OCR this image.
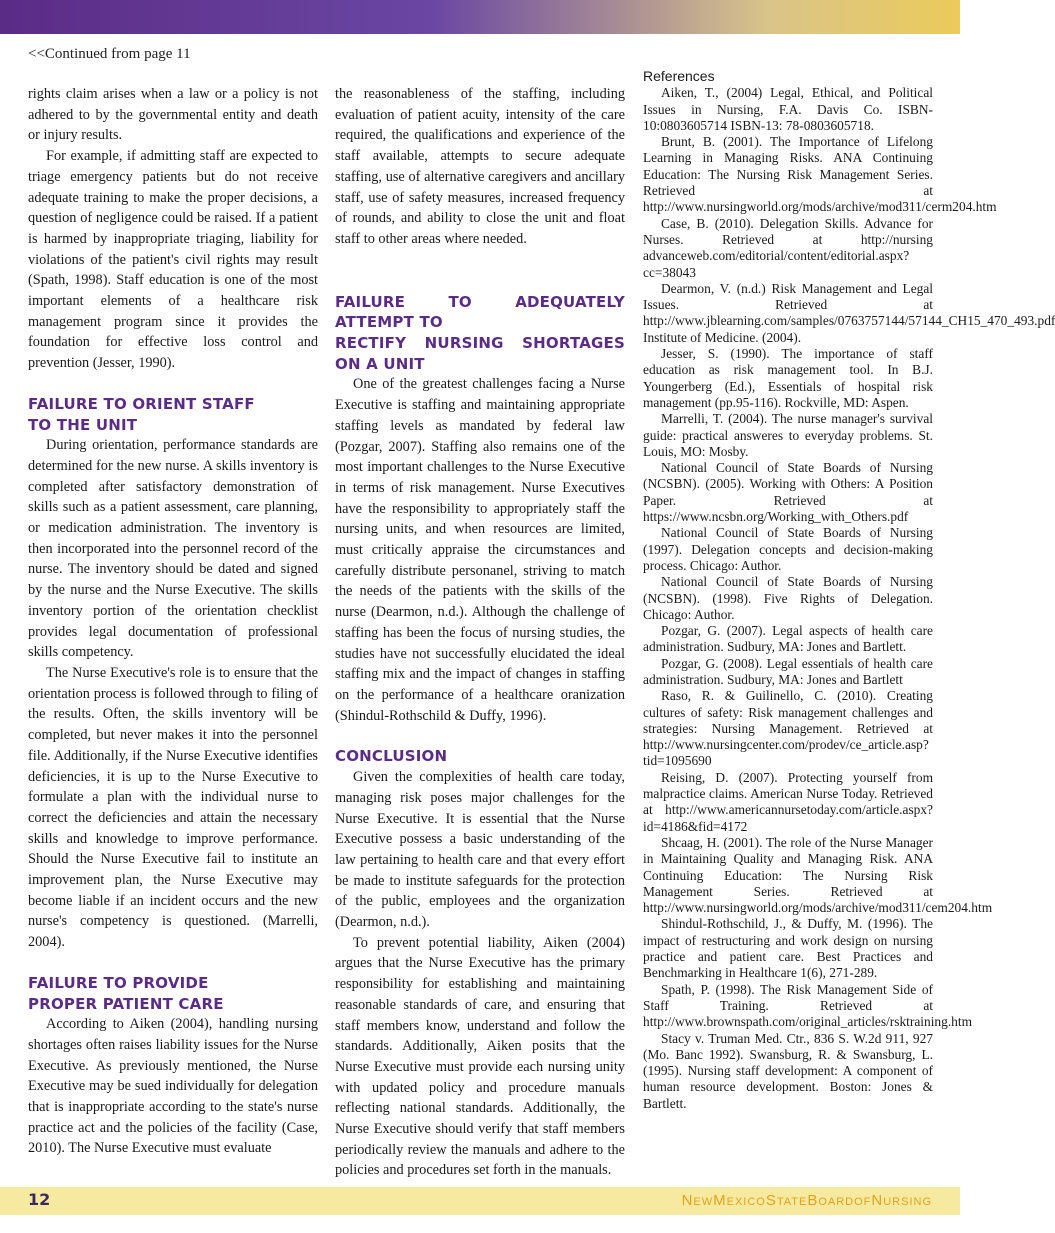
<<Continued from page 11

rights claim arises when a law or a policy is not adhered to by the governmental entity and death or injury results.

For example, if admitting staff are expected to triage emergency patients but do not receive adequate training to make the proper decisions, a question of negligence could be raised. If a patient is harmed by inappropriate triaging, liability for violations of the patient's civil rights may result (Spath, 1998). Staff education is one of the most important elements of a healthcare risk management program since it provides the foundation for effective loss control and prevention (Jesser, 1990).

FAILURE TO ORIENT STAFF
TO THE UNIT

During orientation, performance standards are determined for the new nurse. A skills inventory is completed after satisfactory demonstration of skills such as a patient assessment, care planning, or medication administration. The inventory is then incorporated into the personnel record of the nurse. The inventory should be dated and signed by the nurse and the Nurse Executive. The skills inventory portion of the orientation checklist provides legal documentation of professional skills competency.

The Nurse Executive's role is to ensure that the orientation process is followed through to filing of the results. Often, the skills inventory will be completed, but never makes it into the personnel file. Additionally, if the Nurse Executive identifies deficiencies, it is up to the Nurse Executive to formulate a plan with the individual nurse to correct the deficiencies and attain the necessary skills and knowledge to improve performance. Should the Nurse Executive fail to institute an improvement plan, the Nurse Executive may become liable if an incident occurs and the new nurse's competency is questioned. (Marrelli, 2004).

FAILURE TO PROVIDE
PROPER PATIENT CARE

According to Aiken (2004), handling nursing shortages often raises liability issues for the Nurse Executive. As previously mentioned, the Nurse Executive may be sued individually for delegation that is inappropriate according to the state's nurse practice act and the policies of the facility (Case, 2010). The Nurse Executive must evaluate

the reasonableness of the staffing, including evaluation of patient acuity, intensity of the care required, the qualifications and experience of the staff available, attempts to secure adequate staffing, use of alternative caregivers and ancillary staff, use of safety measures, increased frequency of rounds, and ability to close the unit and float staff to other areas where needed.

FAILURE TO ADEQUATELY ATTEMPT TO
RECTIFY NURSING SHORTAGES ON A UNIT

One of the greatest challenges facing a Nurse Executive is staffing and maintaining appropriate staffing levels as mandated by federal law (Pozgar, 2007). Staffing also remains one of the most important challenges to the Nurse Executive in terms of risk management. Nurse Executives have the responsibility to appropriately staff the nursing units, and when resources are limited, must critically appraise the circumstances and carefully distribute personanel, striving to match the needs of the patients with the skills of the nurse (Dearmon, n.d.). Although the challenge of staffing has been the focus of nursing studies, the studies have not successfully elucidated the ideal staffing mix and the impact of changes in staffing on the performance of a healthcare oranization (Shindul-Rothschild & Duffy, 1996).

CONCLUSION

Given the complexities of health care today, managing risk poses major challenges for the Nurse Executive. It is essential that the Nurse Executive possess a basic understanding of the law pertaining to health care and that every effort be made to institute safeguards for the protection of the public, employees and the organization (Dearmon, n.d.).

To prevent potential liability, Aiken (2004) argues that the Nurse Executive has the primary responsibility for establishing and maintaining reasonable standards of care, and ensuring that staff members know, understand and follow the standards. Additionally, Aiken posits that the Nurse Executive must provide each nursing unity with updated policy and procedure manuals reflecting national standards. Additionally, the Nurse Executive should verify that staff members periodically review the manuals and adhere to the policies and procedures set forth in the manuals.

References

Aiken, T., (2004) Legal, Ethical, and Political Issues in Nursing, F.A. Davis Co. ISBN-10:0803605714 ISBN-13: 78-0803605718.

Brunt, B. (2001). The Importance of Lifelong Learning in Managing Risks. ANA Continuing Education: The Nursing Risk Management Series. Retrieved at http://www.nursingworld.org/mods/archive/mod311/cerm204.htm

Case, B. (2010). Delegation Skills. Advance for Nurses. Retrieved at http://nursing advanceweb.com/editorial/content/editorial.aspx?cc=38043

Dearmon, V. (n.d.) Risk Management and Legal Issues. Retrieved at http://www.jblearning.com/samples/0763757144/57144_CH15_470_493.pdf Institute of Medicine. (2004).

Jesser, S. (1990). The importance of staff education as risk management tool. In B.J. Youngerberg (Ed.), Essentials of hospital risk management (pp.95-116). Rockville, MD: Aspen.

Marrelli, T. (2004). The nurse manager's survival guide: practical answeres to everyday problems. St. Louis, MO: Mosby.

National Council of State Boards of Nursing (NCSBN). (2005). Working with Others: A Position Paper. Retrieved at https://www.ncsbn.org/Working_with_Others.pdf

National Council of State Boards of Nursing (1997). Delegation concepts and decision-making process. Chicago: Author.

National Council of State Boards of Nursing (NCSBN). (1998). Five Rights of Delegation. Chicago: Author.

Pozgar, G. (2007). Legal aspects of health care administration. Sudbury, MA: Jones and Bartlett.

Pozgar, G. (2008). Legal essentials of health care administration. Sudbury, MA: Jones and Bartlett

Raso, R. & Guilinello, C. (2010). Creating cultures of safety: Risk management challenges and strategies: Nursing Management. Retrieved at http://www.nursingcenter.com/prodev/ce_article.asp?tid=1095690

Reising, D. (2007). Protecting yourself from malpractice claims. American Nurse Today. Retrieved at http://www.americannursetoday.com/article.aspx?id=4186&fid=4172

Shcaag, H. (2001). The role of the Nurse Manager in Maintaining Quality and Managing Risk. ANA Continuing Education: The Nursing Risk Management Series. Retrieved at http://www.nursingworld.org/mods/archive/mod311/cem204.htm

Shindul-Rothschild, J., & Duffy, M. (1996). The impact of restructuring and work design on nursing practice and patient care. Best Practices and Benchmarking in Healthcare 1(6), 271-289.

Spath, P. (1998). The Risk Management Side of Staff Training. Retrieved at http://www.brownspath.com/original_articles/rsktraining.htm

Stacy v. Truman Med. Ctr., 836 S. W.2d 911, 927 (Mo. Banc 1992). Swansburg, R. & Swansburg, L. (1995). Nursing staff development: A component of human resource development. Boston: Jones & Bartlett.

12	NewMexicoStateBoardofNursing
